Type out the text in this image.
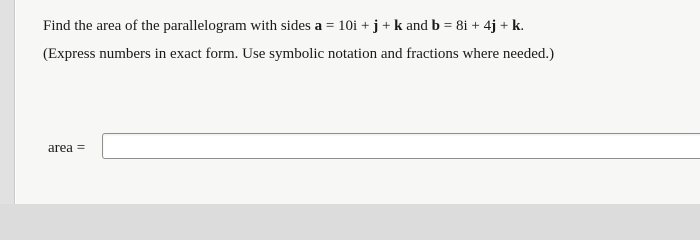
Find the area of the parallelogram with sides a = 10i + j + k and b = 8i + 4j + k.
(Express numbers in exact form. Use symbolic notation and fractions where needed.)
area =
